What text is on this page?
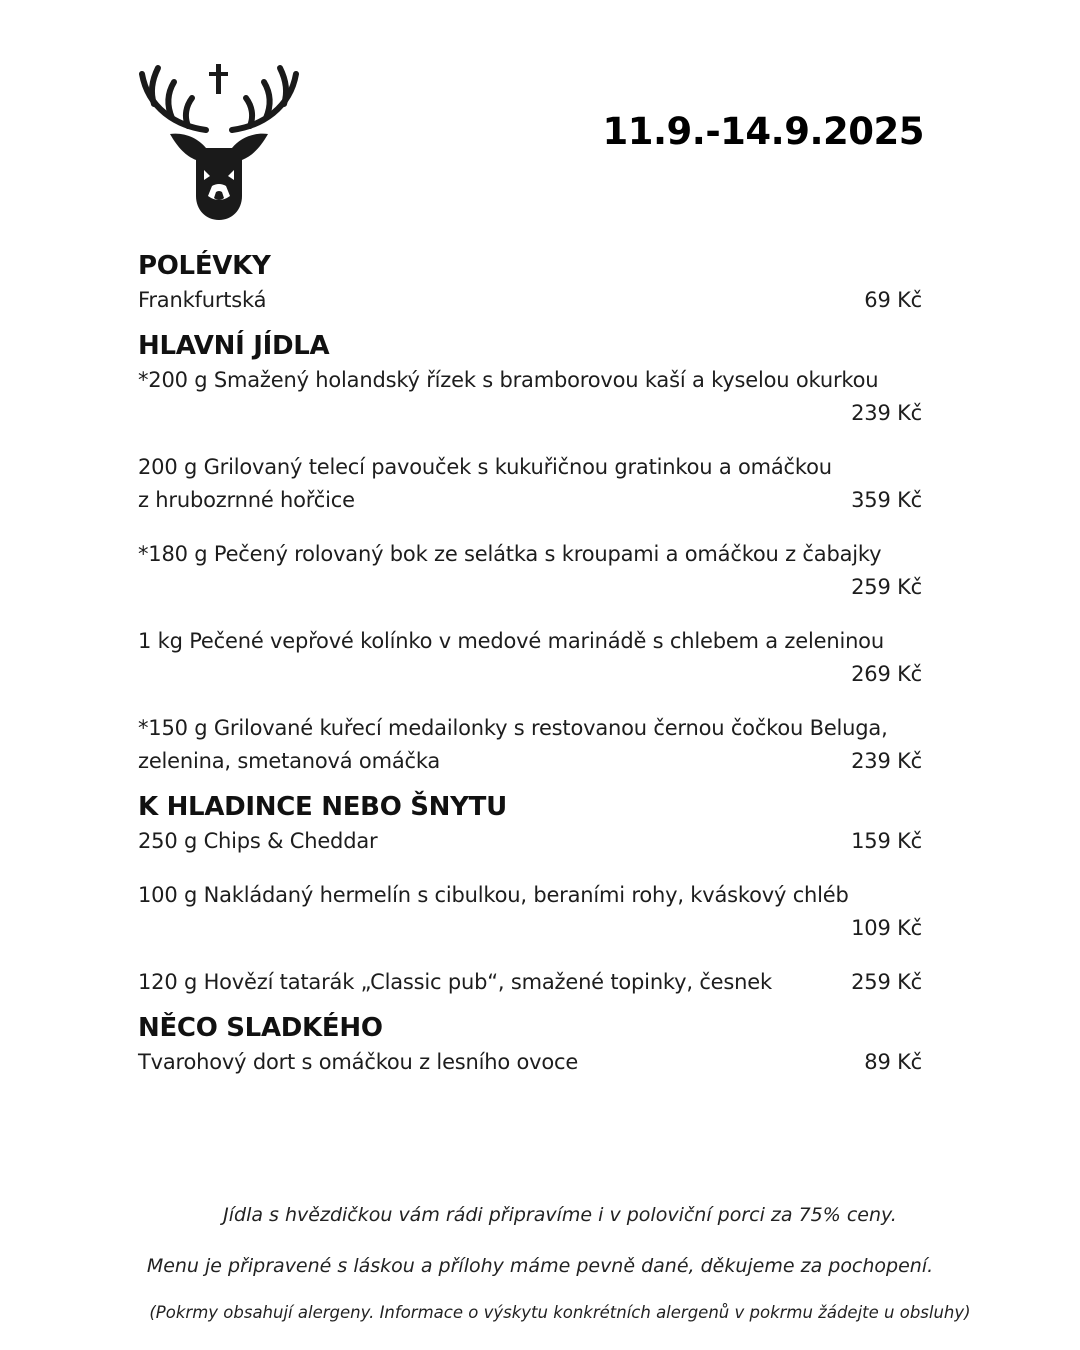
11.9.-14.9.2025
POLÉVKY
Frankfurtská	69 Kč
HLAVNÍ JÍDLA
*200 g Smažený holandský řízek s bramborovou kaší a kyselou okurkou
239 Kč
200 g Grilovaný telecí pavouček s kukuřičnou gratinkou a omáčkou
z hrubozrnné hořčice	359 Kč
*180 g Pečený rolovaný bok ze selátka s kroupami a omáčkou z čabajky
259 Kč
1 kg Pečené vepřové kolínko v medové marinádě s chlebem a zeleninou
269 Kč
*150 g Grilované kuřecí medailonky s restovanou černou čočkou Beluga,
zelenina, smetanová omáčka	239 Kč
K HLADINCE NEBO ŠNYTU
250 g Chips & Cheddar	159 Kč
100 g Nakládaný hermelín s cibulkou, beraními rohy, kváskový chléb
109 Kč
120 g Hovězí tatarák „Classic pub“, smažené topinky, česnek	259 Kč
NĚCO SLADKÉHO
Tvarohový dort s omáčkou z lesního ovoce	89 Kč

Jídla s hvězdičkou vám rádi připravíme i v poloviční porci za 75% ceny.

Menu je připravené s láskou a přílohy máme pevně dané, děkujeme za pochopení.

(Pokrmy obsahují alergeny. Informace o výskytu konkrétních alergenů v pokrmu žádejte u obsluhy)
